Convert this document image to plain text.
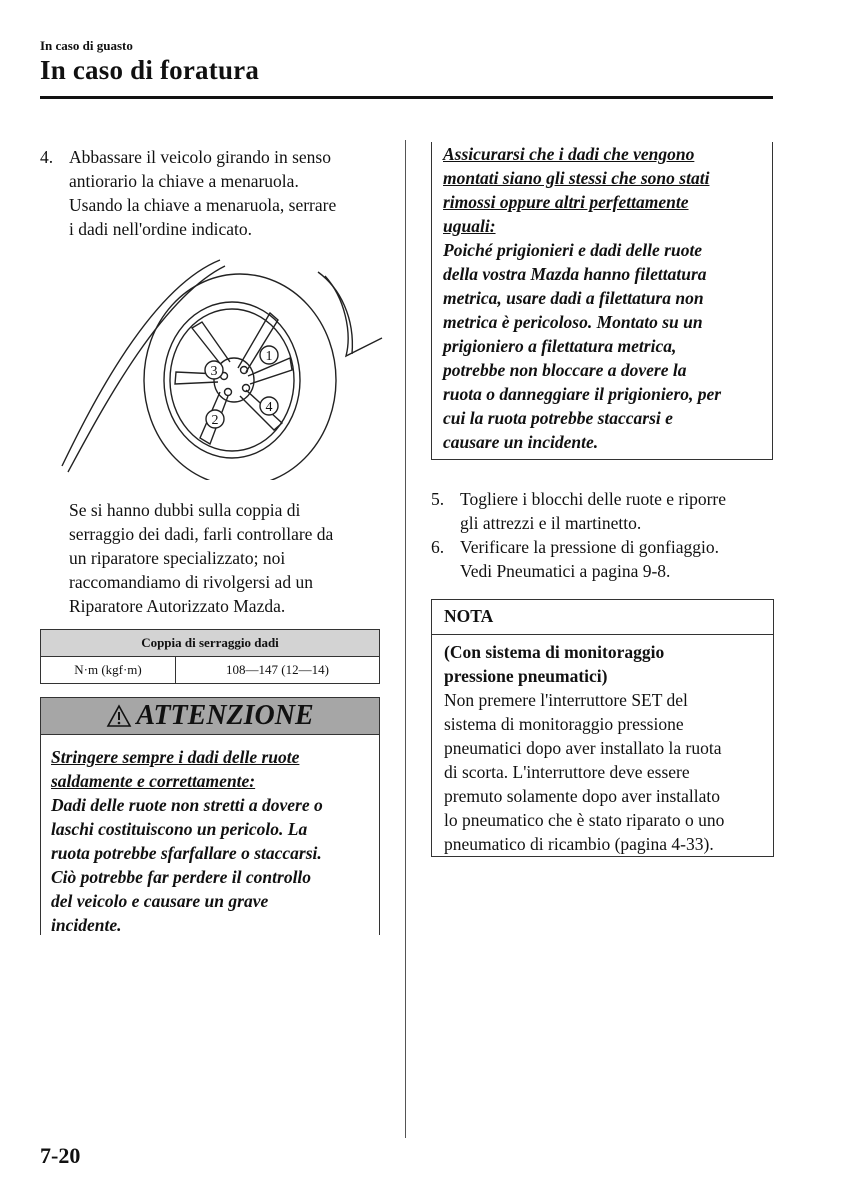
In caso di guasto
In caso di foratura
4. Abbassare il veicolo girando in senso
antiorario la chiave a menaruola.
Usando la chiave a menaruola, serrare
i dadi nell'ordine indicato.
1
2
3
4
Se si hanno dubbi sulla coppia di
serraggio dei dadi, farli controllare da
un riparatore specializzato; noi
raccomandiamo di rivolgersi ad un
Riparatore Autorizzato Mazda.
Coppia di serraggio dadi
N·m (kgf·m)	108—147 (12—14)
ATTENZIONE
Stringere sempre i dadi delle ruote
saldamente e correttamente:
Dadi delle ruote non stretti a dovere o
laschi costituiscono un pericolo. La
ruota potrebbe sfarfallare o staccarsi.
Ciò potrebbe far perdere il controllo
del veicolo e causare un grave
incidente.
Assicurarsi che i dadi che vengono
montati siano gli stessi che sono stati
rimossi oppure altri perfettamente
uguali:
Poiché prigionieri e dadi delle ruote
della vostra Mazda hanno filettatura
metrica, usare dadi a filettatura non
metrica è pericoloso. Montato su un
prigioniero a filettatura metrica,
potrebbe non bloccare a dovere la
ruota o danneggiare il prigioniero, per
cui la ruota potrebbe staccarsi e
causare un incidente.
5. Togliere i blocchi delle ruote e riporre
gli attrezzi e il martinetto.
6. Verificare la pressione di gonfiaggio.
Vedi Pneumatici a pagina 9-8.
NOTA
(Con sistema di monitoraggio
pressione pneumatici)
Non premere l'interruttore SET del
sistema di monitoraggio pressione
pneumatici dopo aver installato la ruota
di scorta. L'interruttore deve essere
premuto solamente dopo aver installato
lo pneumatico che è stato riparato o uno
pneumatico di ricambio (pagina 4-33).
7-20
